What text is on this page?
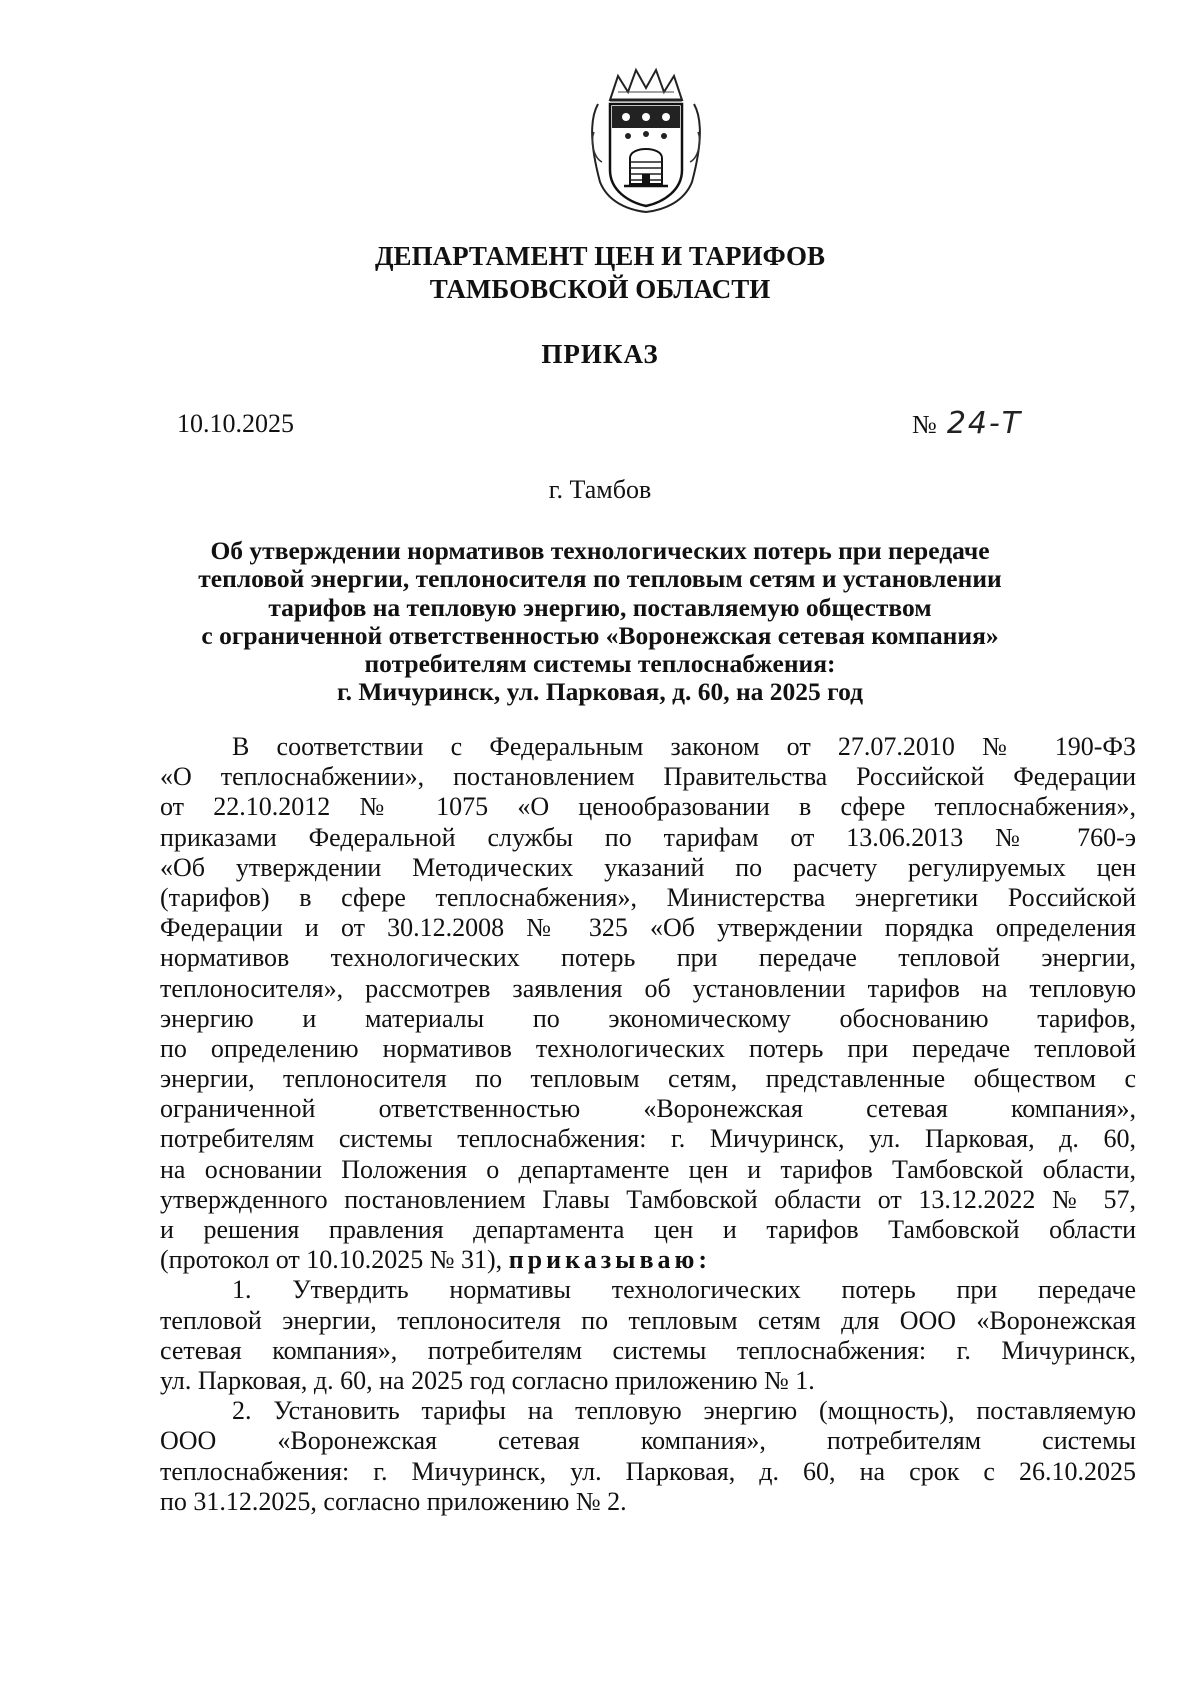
ДЕПАРТАМЕНТ ЦЕН И ТАРИФОВ
ТАМБОВСКОЙ ОБЛАСТИ
ПРИКАЗ
10.10.2025	№ 24-Т
г. Тамбов
Об утверждении нормативов технологических потерь при передаче
тепловой энергии, теплоносителя по тепловым сетям и установлении
тарифов на тепловую энергию, поставляемую обществом
с ограниченной ответственностью «Воронежская сетевая компания»
потребителям системы теплоснабжения:
г. Мичуринск, ул. Парковая, д. 60, на 2025 год
В соответствии с Федеральным законом от 27.07.2010 № 190-ФЗ
«О теплоснабжении», постановлением Правительства Российской Федерации
от 22.10.2012 № 1075 «О ценообразовании в сфере теплоснабжения»,
приказами Федеральной службы по тарифам от 13.06.2013 № 760-э
«Об утверждении Методических указаний по расчету регулируемых цен
(тарифов) в сфере теплоснабжения», Министерства энергетики Российской
Федерации и от 30.12.2008 № 325 «Об утверждении порядка определения
нормативов технологических потерь при передаче тепловой энергии,
теплоносителя», рассмотрев заявления об установлении тарифов на тепловую
энергию и материалы по экономическому обоснованию тарифов,
по определению нормативов технологических потерь при передаче тепловой
энергии, теплоносителя по тепловым сетям, представленные обществом с
ограниченной ответственностью «Воронежская сетевая компания»,
потребителям системы теплоснабжения: г. Мичуринск, ул. Парковая, д. 60,
на основании Положения о департаменте цен и тарифов Тамбовской области,
утвержденного постановлением Главы Тамбовской области от 13.12.2022 № 57,
и решения правления департамента цен и тарифов Тамбовской области
(протокол от 10.10.2025 № 31), приказываю:
1. Утвердить нормативы технологических потерь при передаче
тепловой энергии, теплоносителя по тепловым сетям для ООО «Воронежская
сетевая компания», потребителям системы теплоснабжения: г. Мичуринск,
ул. Парковая, д. 60, на 2025 год согласно приложению № 1.
2. Установить тарифы на тепловую энергию (мощность), поставляемую
ООО «Воронежская сетевая компания», потребителям системы
теплоснабжения: г. Мичуринск, ул. Парковая, д. 60, на срок с 26.10.2025
по 31.12.2025, согласно приложению № 2.
